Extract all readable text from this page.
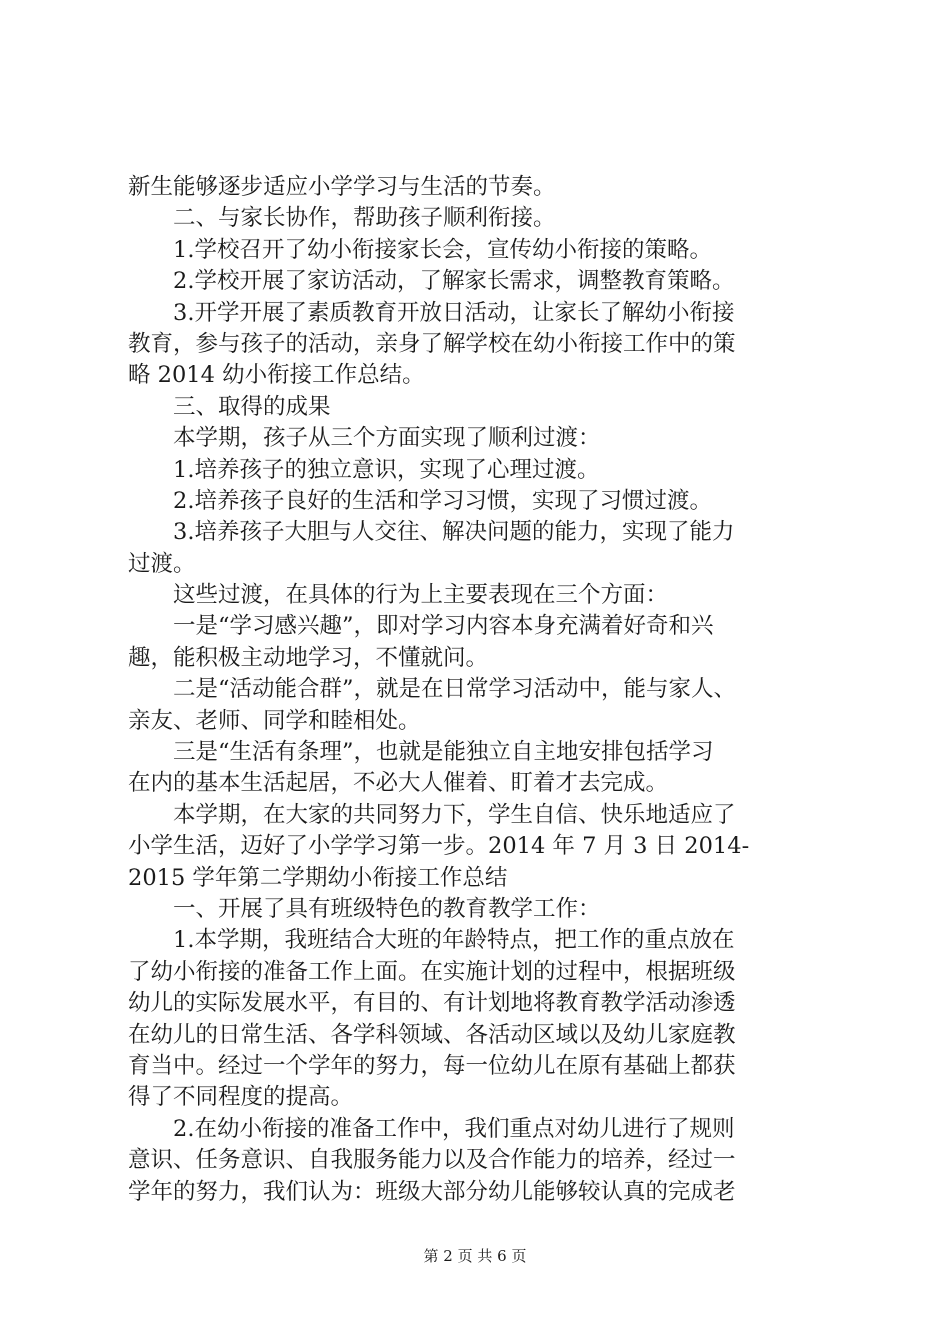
新生能够逐步适应小学学习与生活的节奏。
　　二、与家长协作，帮助孩子顺利衔接。
　　1.学校召开了幼小衔接家长会，宣传幼小衔接的策略。
　　2.学校开展了家访活动，了解家长需求，调整教育策略。
　　3.开学开展了素质教育开放日活动，让家长了解幼小衔接
教育，参与孩子的活动，亲身了解学校在幼小衔接工作中的策
略 2014 幼小衔接工作总结。
　　三、取得的成果
　　本学期，孩子从三个方面实现了顺利过渡：
　　1.培养孩子的独立意识，实现了心理过渡。
　　2.培养孩子良好的生活和学习习惯，实现了习惯过渡。
　　3.培养孩子大胆与人交往、解决问题的能力，实现了能力
过渡。
　　这些过渡，在具体的行为上主要表现在三个方面：
　　一是“学习感兴趣”，即对学习内容本身充满着好奇和兴
趣，能积极主动地学习，不懂就问。
　　二是“活动能合群”，就是在日常学习活动中，能与家人、
亲友、老师、同学和睦相处。
　　三是“生活有条理”，也就是能独立自主地安排包括学习
在内的基本生活起居，不必大人催着、盯着才去完成。
　　本学期，在大家的共同努力下，学生自信、快乐地适应了
小学生活，迈好了小学学习第一步。2014 年 7 月 3 日 2014-
2015 学年第二学期幼小衔接工作总结
　　一、开展了具有班级特色的教育教学工作：
　　1.本学期，我班结合大班的年龄特点，把工作的重点放在
了幼小衔接的准备工作上面。在实施计划的过程中，根据班级
幼儿的实际发展水平，有目的、有计划地将教育教学活动渗透
在幼儿的日常生活、各学科领域、各活动区域以及幼儿家庭教
育当中。经过一个学年的努力，每一位幼儿在原有基础上都获
得了不同程度的提高。
　　2.在幼小衔接的准备工作中，我们重点对幼儿进行了规则
意识、任务意识、自我服务能力以及合作能力的培养，经过一
学年的努力，我们认为：班级大部分幼儿能够较认真的完成老
第 2 页 共 6 页
